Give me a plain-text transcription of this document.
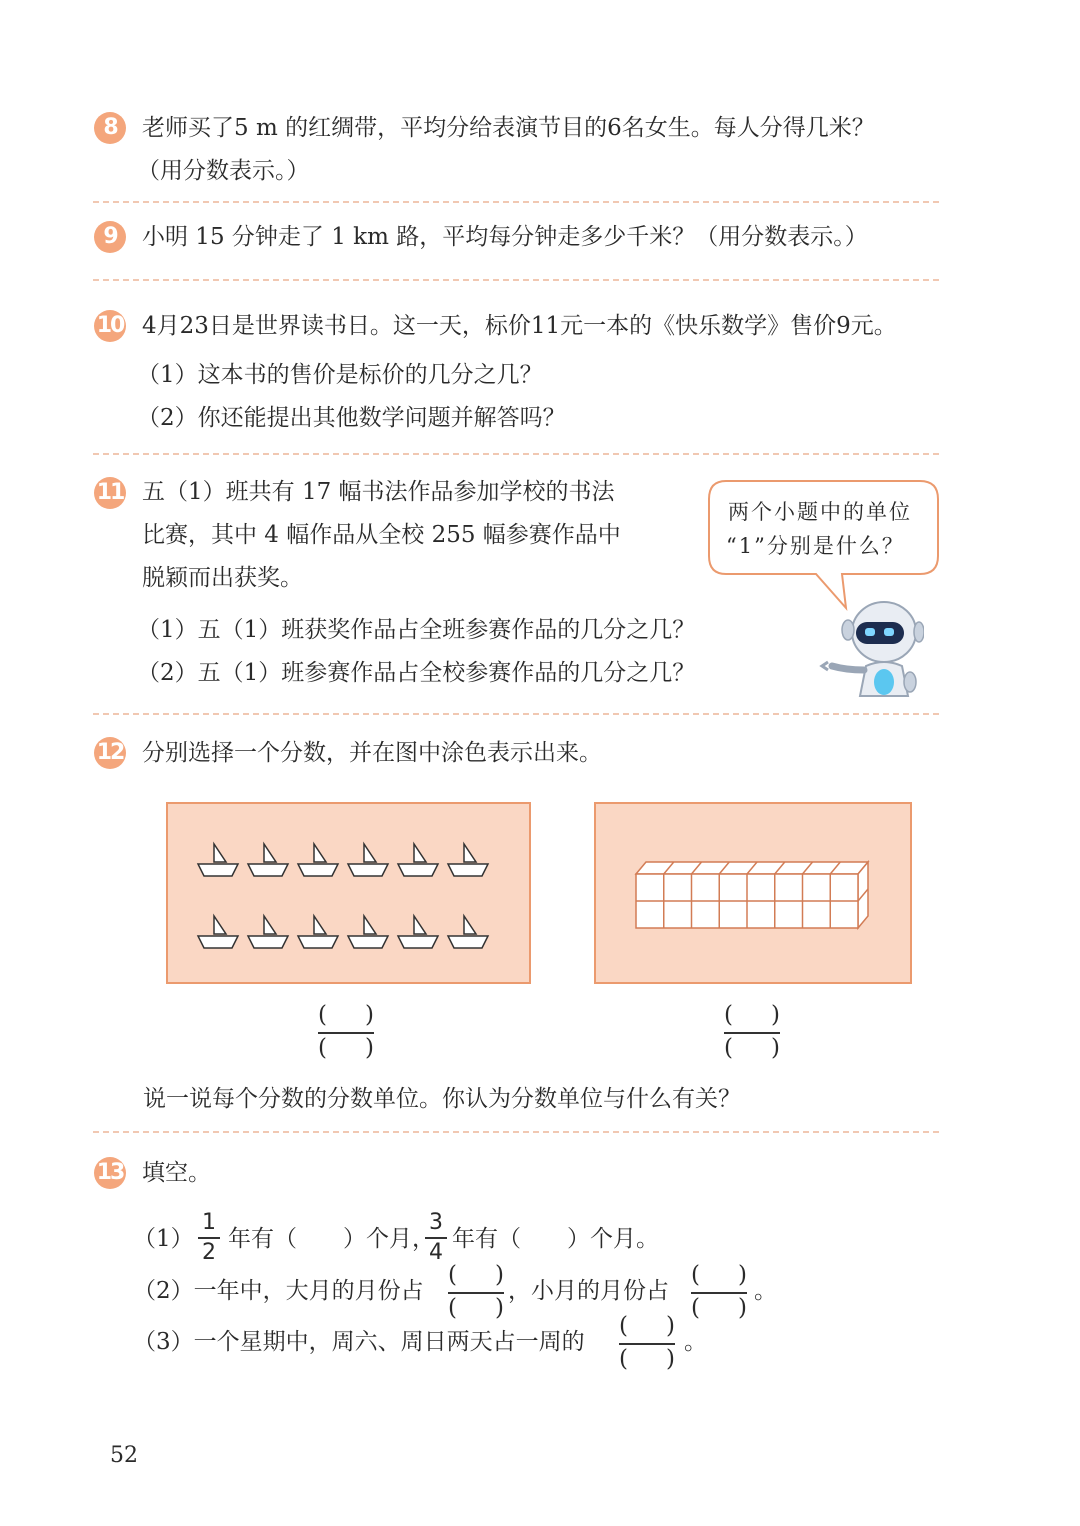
8	老师买了5 m 的红绸带，平均分给表演节目的6名女生。每人分得几米？
（用分数表示。）
9	小明 15 分钟走了 1 km 路，平均每分钟走多少千米？（用分数表示。）
10 4月23日是世界读书日。这一天，标价11元一本的《快乐数学》售价9元。
（1）这本书的售价是标价的几分之几？
（2）你还能提出其他数学问题并解答吗？
11 五（1）班共有 17 幅书法作品参加学校的书法
比赛，其中 4 幅作品从全校 255 幅参赛作品中
脱颖而出获奖。
（1）五（1）班获奖作品占全班参赛作品的几分之几？
（2）五（1）班参赛作品占全校参赛作品的几分之几？
两个小题中的单位
“1”分别是什么？
12 分别选择一个分数，并在图中涂色表示出来。
( )
( )
( )
( )
说一说每个分数的分数单位。你认为分数单位与什么有关？
13 填空。
（1）
1
2
年有（　　）个月，
3
4
年有（　　）个月。
（2）一年中，大月的月份占
( )
( )
，小月的月份占
( )
( )
。
（3）一个星期中，周六、周日两天占一周的
( )
( )
。
52
